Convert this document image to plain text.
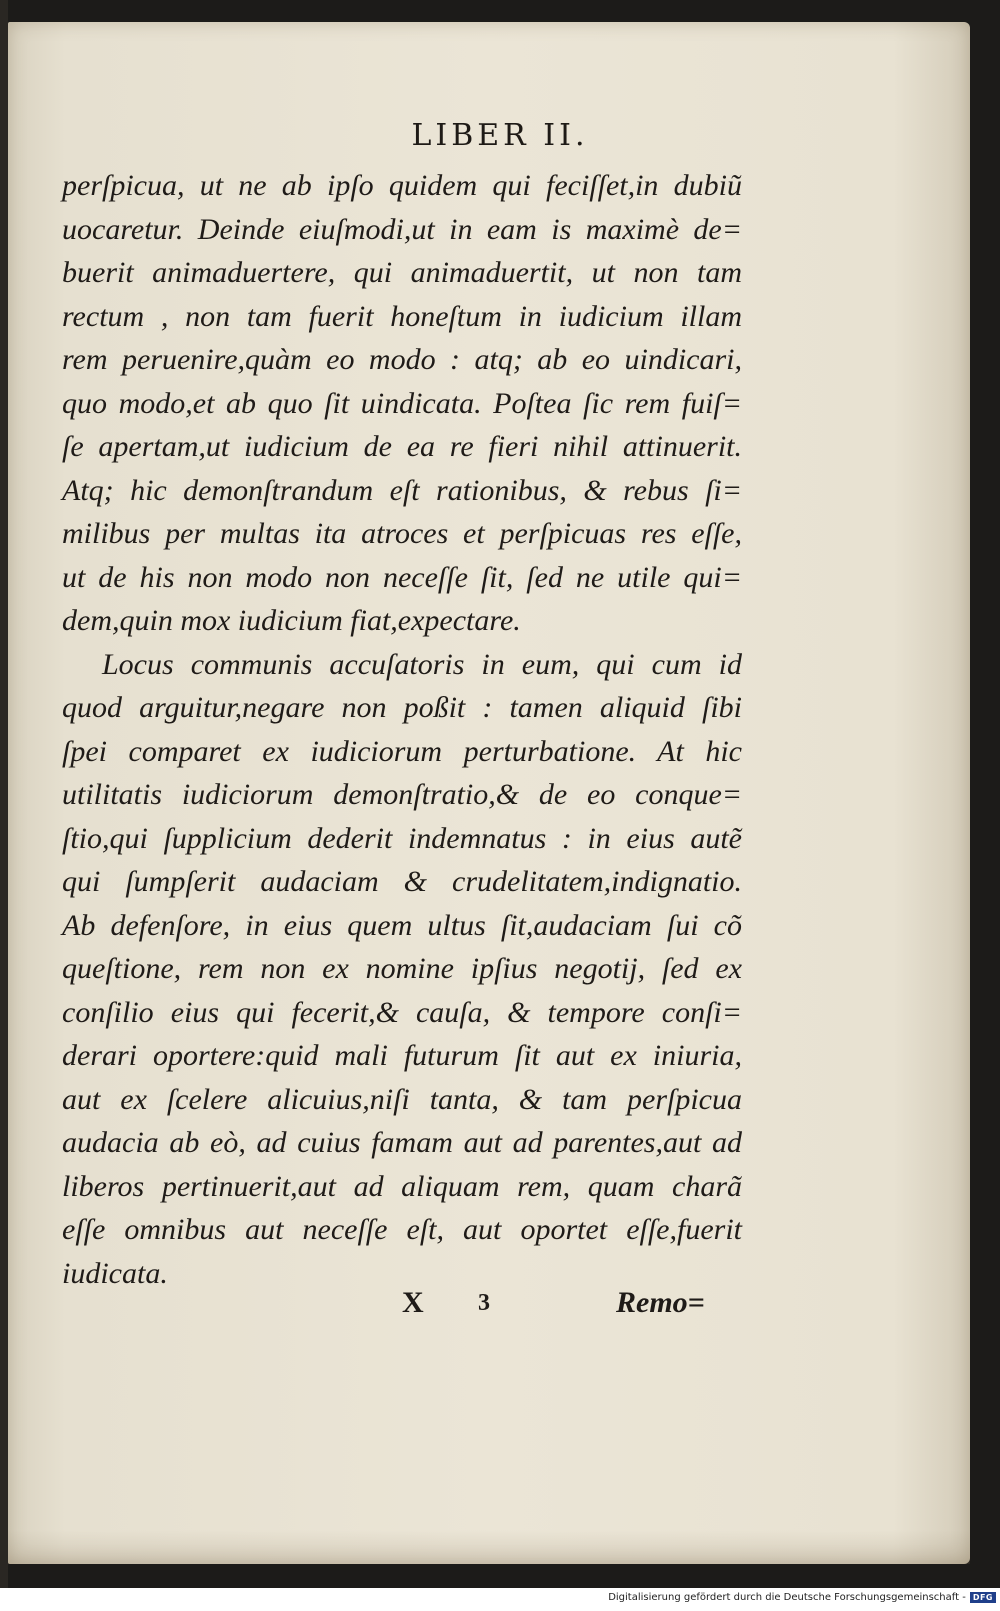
LIBER II.
perſpicua, ut ne ab ipſo quidem qui feciſſet,in dubiũ
uocaretur. Deinde eiuſmodi,ut in eam is maximè de=
buerit animaduertere, qui animaduertit, ut non tam
rectum , non tam fuerit honeſtum in iudicium illam
rem peruenire,quàm eo modo : atq; ab eo uindicari,
quo modo,et ab quo ſit uindicata. Poſtea ſic rem fuiſ=
ſe apertam,ut iudicium de ea re fieri nihil attinuerit.
Atq; hic demonſtrandum eſt rationibus, & rebus ſi=
milibus per multas ita atroces et perſpicuas res eſſe,
ut de his non modo non neceſſe ſit, ſed ne utile qui=
dem,quin mox iudicium fiat,expectare.
Locus communis accuſatoris in eum, qui cum id
quod arguitur,negare non poßit : tamen aliquid ſibi
ſpei comparet ex iudiciorum perturbatione. At hic
utilitatis iudiciorum demonſtratio,& de eo conque=
ſtio,qui ſupplicium dederit indemnatus : in eius autẽ
qui ſumpſerit audaciam & crudelitatem,indignatio.
Ab defenſore, in eius quem ultus ſit,audaciam ſui cõ
queſtione, rem non ex nomine ipſius negotij, ſed ex
conſilio eius qui fecerit,& cauſa, & tempore conſi=
derari oportere:quid mali futurum ſit aut ex iniuria,
aut ex ſcelere alicuius,niſi tanta, & tam perſpicua
audacia ab eò, ad cuius famam aut ad parentes,aut ad
liberos pertinuerit,aut ad aliquam rem, quam charã
eſſe omnibus aut neceſſe eſt, aut oportet eſſe,fuerit
iudicata.
X 3	Remo=
Digitalisierung gefördert durch die Deutsche Forschungsgemeinschaft - DFG
